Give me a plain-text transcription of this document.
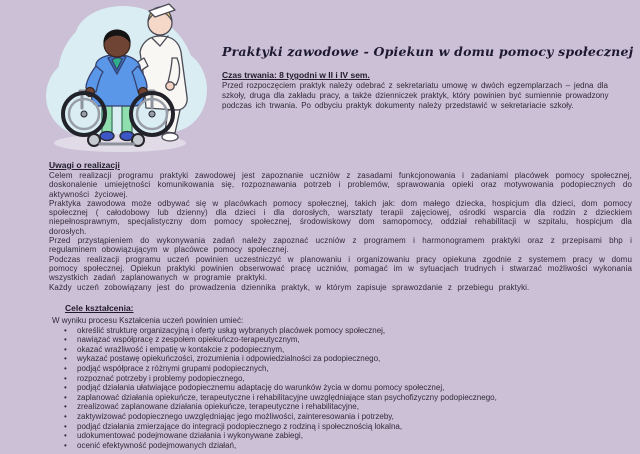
Praktyki zawodowe - Opiekun w domu pomocy społecznej
Czas trwania: 8 tygodni w II i IV sem.
Przed rozpoczęciem praktyk należy odebrać z sekretariatu umowę w dwóch egzemplarzach – jedna dla szkoły, druga dla zakładu pracy, a także dzienniczek praktyk, który powinien być sumiennie prowadzony podczas ich trwania. Po odbyciu praktyk dokumenty należy przedstawić w sekretariacie szkoły.
Uwagi o realizacji

Celem realizacji programu praktyki zawodowej jest zapoznanie uczniów z zasadami funkcjonowania i zadaniami placówek pomocy społecznej, doskonalenie umiejętności komunikowania się, rozpoznawania potrzeb i problemów, sprawowania opieki oraz motywowania podopiecznych do aktywności życiowej.

Praktyka zawodowa może odbywać się w placówkach pomocy społecznej, takich jak: dom małego dziecka, hospicjum dla dzieci, dom pomocy społecznej ( całodobowy lub dzienny) dla dzieci i dla dorosłych, warsztaty terapii zajęciowej, ośrodki wsparcia dla rodzin z dzieckiem niepełnosprawnym, specjalistyczny dom pomocy społecznej, środowiskowy dom samopomocy, oddział rehabilitacji w szpitalu, hospicjum dla dorosłych.

Przed przystąpieniem do wykonywania zadań należy zapoznać uczniów z programem i harmonogramem praktyki oraz z przepisami bhp i regulaminem obowiązującym w placówce pomocy społecznej.

Podczas realizacji programu uczeń powinien uczestniczyć w planowaniu i organizowaniu pracy opiekuna zgodnie z systemem pracy w domu pomocy społecznej. Opiekun praktyki powinien obserwować pracę uczniów, pomagać im w sytuacjach trudnych i stwarzać możliwości wykonania wszystkich zadań zaplanowanych w programie praktyki.

Każdy uczeń zobowiązany jest do prowadzenia dziennika praktyk, w którym zapisuje sprawozdanie z przebiegu praktyki.

Cele kształcenia:
W wyniku procesu Kształcenia uczeń powinien umieć:
• określić strukturę organizacyjną i oferty usług wybranych placówek pomocy społecznej,
• nawiązać współpracę z zespołem opiekuńczo-terapeutycznym,
• okazać wrażliwość i empatię w kontakcie z podopiecznym,
• wykazać postawę opiekuńczości, zrozumienia i odpowiedzialności za podopiecznego,
• podjąć współprace z różnymi grupami podopiecznych,
• rozpoznać potrzeby i problemy podopiecznego,
• podjąć działania ułatwiające podopiecznemu adaptację do warunków życia w domu pomocy społecznej,
• zaplanować działania opiekuńcze, terapeutyczne i rehabilitacyjne uwzględniające stan psychofizyczny podopiecznego,
• zrealizować zaplanowane działania opiekuńcze, terapeutyczne i rehabilitacyjne,
• zaktywizować podopiecznego uwzględniając jego możliwości, zainteresowania i potrzeby,
• podjąć działania zmierzające do integracji podopiecznego z rodziną i społecznością lokalna,
• udokumentować podejmowane działania i wykonywane zabiegi,
• ocenić efektywność podejmowanych działań,
